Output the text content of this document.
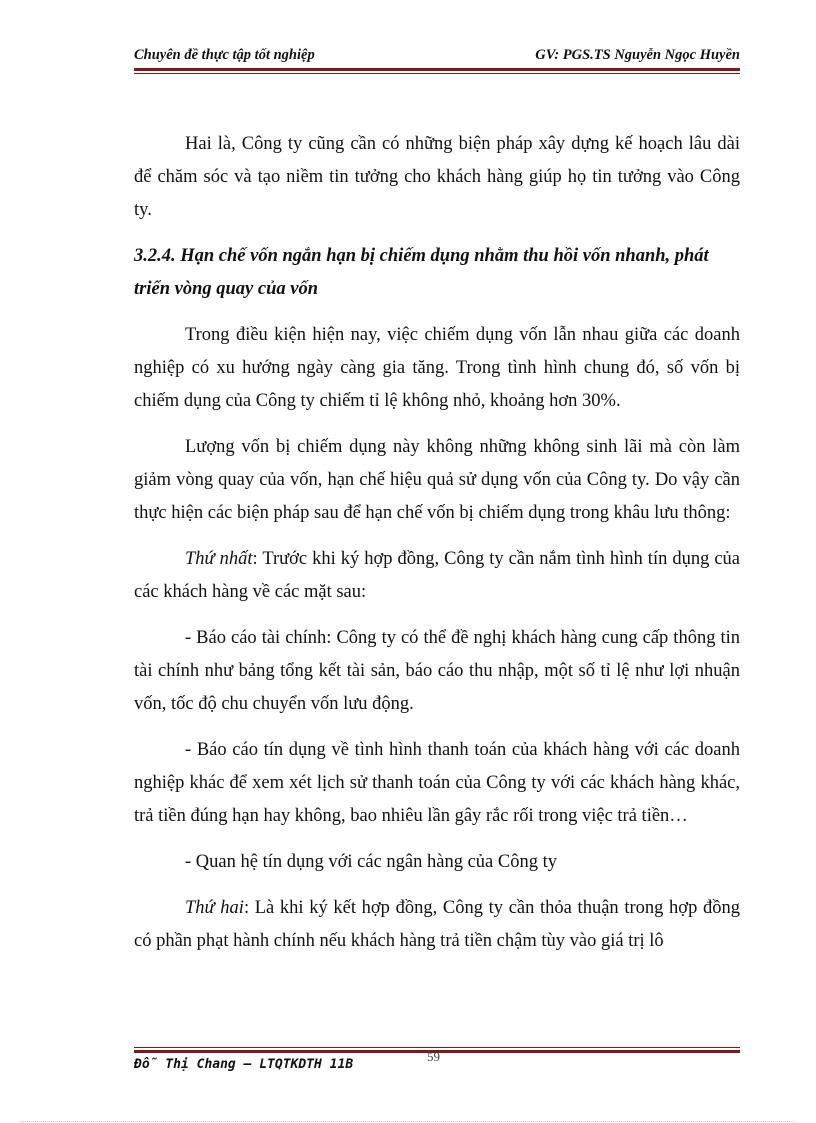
Chuyên đề thực tập tốt nghiệp	GV: PGS.TS Nguyễn Ngọc Huyền

Hai là, Công ty cũng cần có những biện pháp xây dựng kế hoạch lâu dài để chăm sóc và tạo niềm tin tưởng cho khách hàng giúp họ tin tưởng vào Công ty.

3.2.4. Hạn chế vốn ngắn hạn bị chiếm dụng nhằm thu hồi vốn nhanh, phát triển vòng quay của vốn

Trong điều kiện hiện nay, việc chiếm dụng vốn lẫn nhau giữa các doanh nghiệp có xu hướng ngày càng gia tăng. Trong tình hình chung đó, số vốn bị chiếm dụng của Công ty chiếm tỉ lệ không nhỏ, khoảng hơn 30%.

Lượng vốn bị chiếm dụng này không những không sinh lãi mà còn làm giảm vòng quay của vốn, hạn chế hiệu quả sử dụng vốn của Công ty. Do vậy cần thực hiện các biện pháp sau để hạn chế vốn bị chiếm dụng trong khâu lưu thông:

Thứ nhất: Trước khi ký hợp đồng, Công ty cần nắm tình hình tín dụng của các khách hàng về các mặt sau:

- Báo cáo tài chính: Công ty có thể đề nghị khách hàng cung cấp thông tin tài chính như bảng tổng kết tài sản, báo cáo thu nhập, một số tỉ lệ như lợi nhuận vốn, tốc độ chu chuyển vốn lưu động.

- Báo cáo tín dụng về tình hình thanh toán của khách hàng với các doanh nghiệp khác để xem xét lịch sử thanh toán của Công ty với các khách hàng khác, trả tiền đúng hạn hay không, bao nhiêu lần gây rắc rối trong việc trả tiền…

- Quan hệ tín dụng với các ngân hàng của Công ty

Thứ hai: Là khi ký kết hợp đồng, Công ty cần thỏa thuận trong hợp đồng có phần phạt hành chính nếu khách hàng trả tiền chậm tùy vào giá trị lô

59
Đỗ Thị Chang – LTQTKDTH 11B
